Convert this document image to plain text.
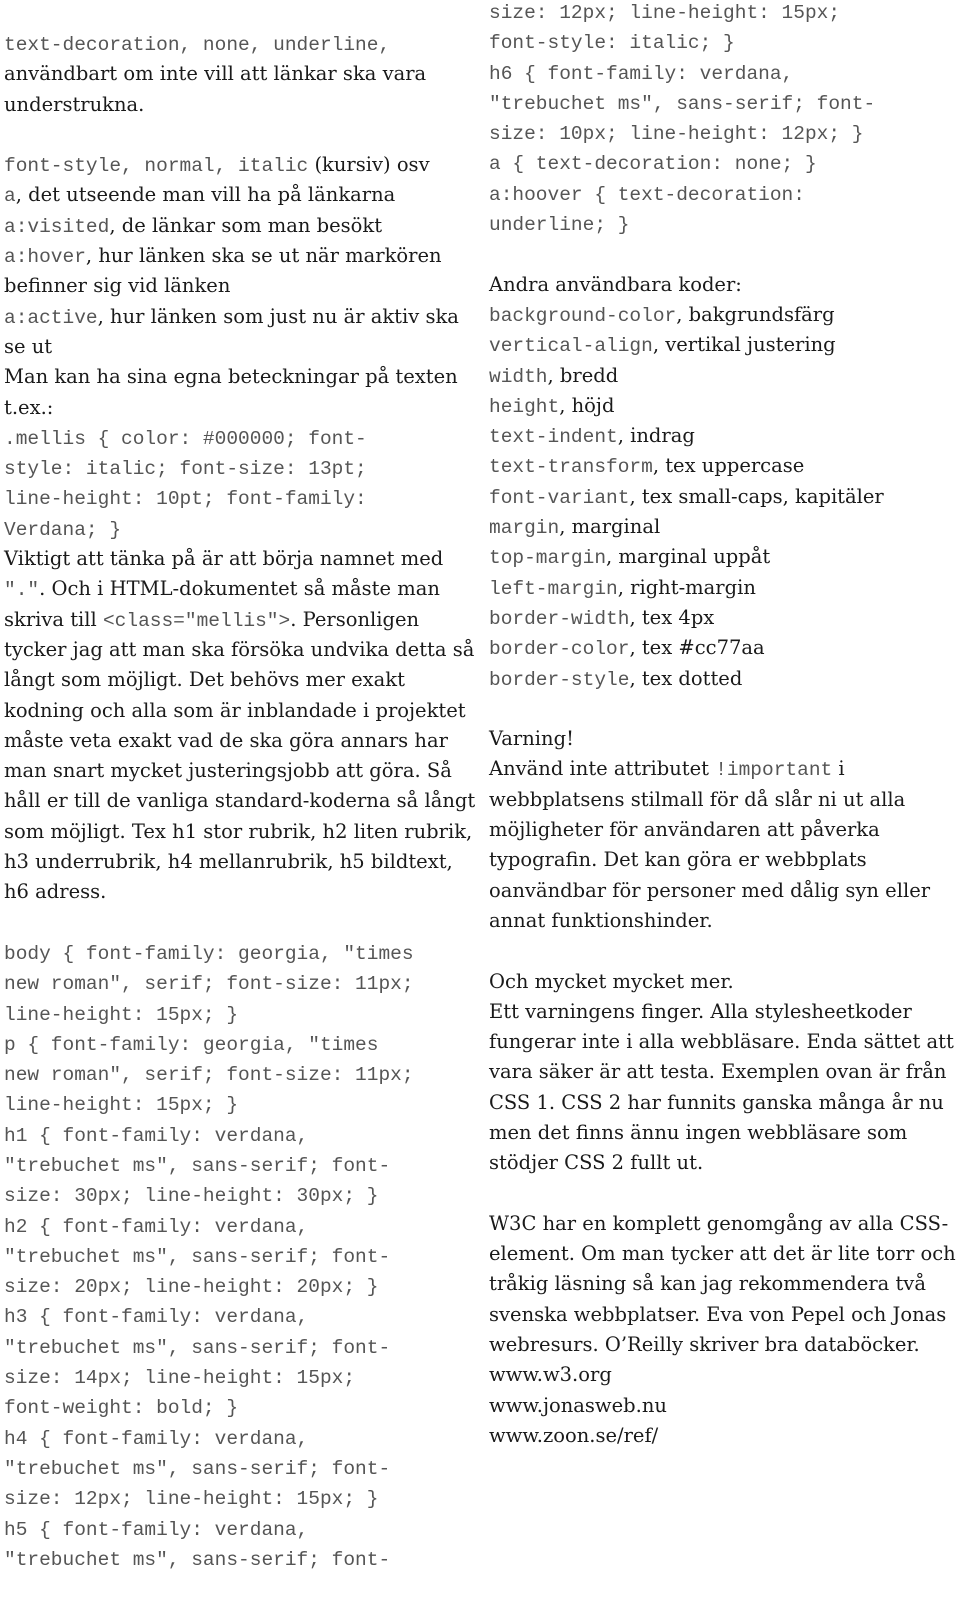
text-decoration, none, underline,
användbart om inte vill att länkar ska vara
understrukna.
font-style, normal, italic (kursiv) osv
a, det utseende man vill ha på länkarna
a:visited, de länkar som man besökt
a:hover, hur länken ska se ut när markören
befinner sig vid länken
a:active, hur länken som just nu är aktiv ska
se ut
Man kan ha sina egna beteckningar på texten
t.ex.:
.mellis { color: #000000; font-
style: italic; font-size: 13pt;
line-height: 10pt; font-family:
Verdana; }
Viktigt att tänka på är att börja namnet med
".". Och i HTML-dokumentet så måste man
skriva till <class="mellis">. Personligen
tycker jag att man ska försöka undvika detta så
långt som möjligt. Det behövs mer exakt
kodning och alla som är inblandade i projektet
måste veta exakt vad de ska göra annars har
man snart mycket justeringsjobb att göra. Så
håll er till de vanliga standard-koderna så långt
som möjligt. Tex h1 stor rubrik, h2 liten rubrik,
h3 underrubrik, h4 mellanrubrik, h5 bildtext,
h6 adress.
body { font-family: georgia, "times
new roman", serif; font-size: 11px;
line-height: 15px; }
p { font-family: georgia, "times
new roman", serif; font-size: 11px;
line-height: 15px; }
h1 { font-family: verdana,
"trebuchet ms", sans-serif; font-
size: 30px; line-height: 30px; }
h2 { font-family: verdana,
"trebuchet ms", sans-serif; font-
size: 20px; line-height: 20px; }
h3 { font-family: verdana,
"trebuchet ms", sans-serif; font-
size: 14px; line-height: 15px;
font-weight: bold; }
h4 { font-family: verdana,
"trebuchet ms", sans-serif; font-
size: 12px; line-height: 15px; }
h5 { font-family: verdana,
"trebuchet ms", sans-serif; font-
size: 12px; line-height: 15px;
font-style: italic; }
h6 { font-family: verdana,
"trebuchet ms", sans-serif; font-
size: 10px; line-height: 12px; }
a { text-decoration: none; }
a:hoover { text-decoration:
underline; }
Andra användbara koder:
background-color, bakgrundsfärg
vertical-align, vertikal justering
width, bredd
height, höjd
text-indent, indrag
text-transform, tex uppercase
font-variant, tex small-caps, kapitäler
margin, marginal
top-margin, marginal uppåt
left-margin, right-margin
border-width, tex 4px
border-color, tex #cc77aa
border-style, tex dotted
Varning!
Använd inte attributet !important i
webbplatsens stilmall för då slår ni ut alla
möjligheter för användaren att påverka
typografin. Det kan göra er webbplats
oanvändbar för personer med dålig syn eller
annat funktionshinder.
Och mycket mycket mer.
Ett varningens finger. Alla stylesheetkoder
fungerar inte i alla webbläsare. Enda sättet att
vara säker är att testa. Exemplen ovan är från
CSS 1. CSS 2 har funnits ganska många år nu
men det finns ännu ingen webbläsare som
stödjer CSS 2 fullt ut.
W3C har en komplett genomgång av alla CSS-
element. Om man tycker att det är lite torr och
tråkig läsning så kan jag rekommendera två
svenska webbplatser. Eva von Pepel och Jonas
webresurs. O’Reilly skriver bra databöcker.
www.w3.org
www.jonasweb.nu
www.zoon.se/ref/
